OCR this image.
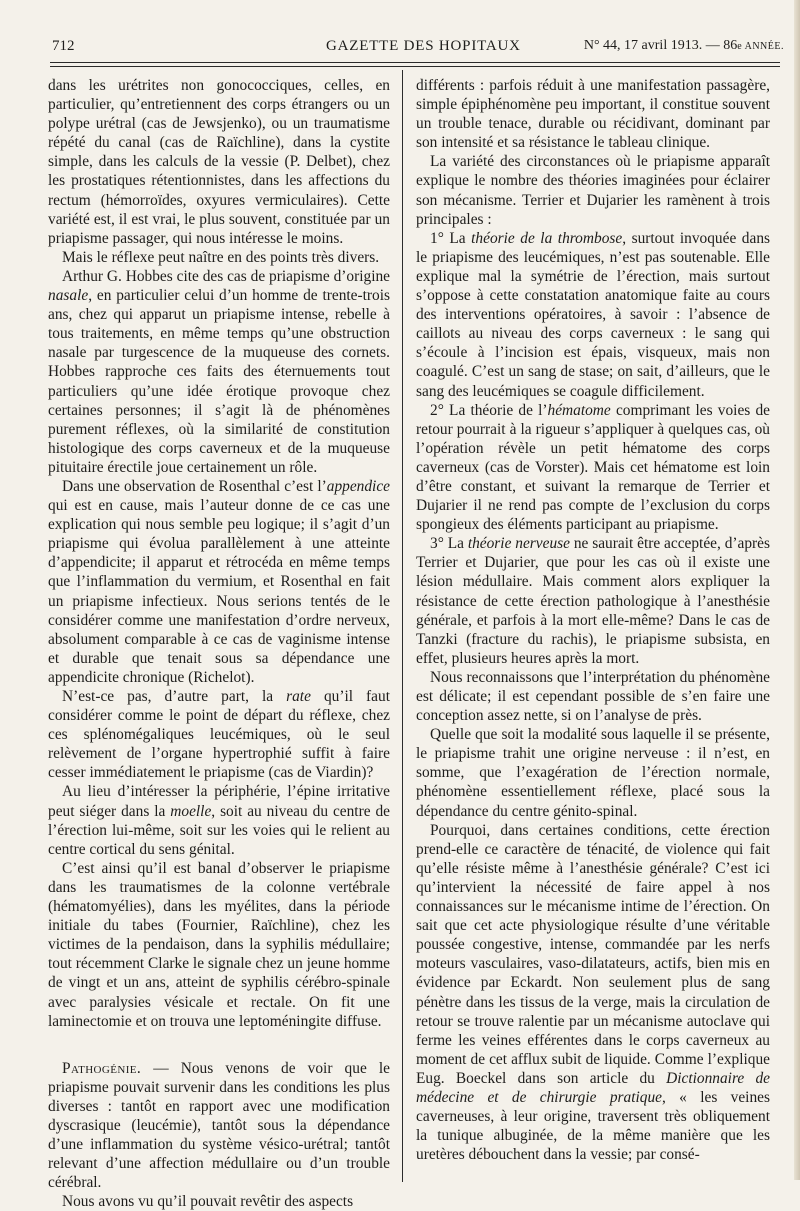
712	GAZETTE DES HOPITAUX	N° 44, 17 avril 1913. — 86e ANNÉE.

dans les urétrites non gonococciques, celles, en particulier, qu’entretiennent des corps étrangers ou un polype urétral (cas de Jewsjenko), ou un traumatisme répété du canal (cas de Raïchline), dans la cystite simple, dans les calculs de la vessie (P. Delbet), chez les prostatiques rétentionnistes, dans les affections du rectum (hémorroïdes, oxyures vermiculaires). Cette variété est, il est vrai, le plus souvent, constituée par un priapisme passager, qui nous intéresse le moins.

Mais le réflexe peut naître en des points très divers.

Arthur G. Hobbes cite des cas de priapisme d’origine nasale, en particulier celui d’un homme de trente-trois ans, chez qui apparut un priapisme intense, rebelle à tous traitements, en même temps qu’une obstruction nasale par turgescence de la muqueuse des cornets. Hobbes rapproche ces faits des éternuements tout particuliers qu’une idée érotique provoque chez certaines personnes; il s’agit là de phénomènes purement réflexes, où la similarité de constitution histologique des corps caverneux et de la muqueuse pituitaire érectile joue certainement un rôle.

Dans une observation de Rosenthal c’est l’appendice qui est en cause, mais l’auteur donne de ce cas une explication qui nous semble peu logique; il s’agit d’un priapisme qui évolua parallèlement à une atteinte d’appendicite; il apparut et rétrocéda en même temps que l’inflammation du vermium, et Rosenthal en fait un priapisme infectieux. Nous serions tentés de le considérer comme une manifestation d’ordre nerveux, absolument comparable à ce cas de vaginisme intense et durable que tenait sous sa dépendance une appendicite chronique (Richelot).

N’est-ce pas, d’autre part, la rate qu’il faut considérer comme le point de départ du réflexe, chez ces splénomégaliques leucémiques, où le seul relèvement de l’organe hypertrophié suffit à faire cesser immédiatement le priapisme (cas de Viardin)?

Au lieu d’intéresser la périphérie, l’épine irritative peut siéger dans la moelle, soit au niveau du centre de l’érection lui-même, soit sur les voies qui le relient au centre cortical du sens génital.

C’est ainsi qu’il est banal d’observer le priapisme dans les traumatismes de la colonne vertébrale (hématomyélies), dans les myélites, dans la période initiale du tabes (Fournier, Raïchline), chez les victimes de la pendaison, dans la syphilis médullaire; tout récemment Clarke le signale chez un jeune homme de vingt et un ans, atteint de syphilis cérébro-spinale avec paralysies vésicale et rectale. On fit une laminectomie et on trouva une leptoméningite diffuse.

Pathogénie. — Nous venons de voir que le priapisme pouvait survenir dans les conditions les plus diverses : tantôt en rapport avec une modification dyscrasique (leucémie), tantôt sous la dépendance d’une inflammation du système vésico-urétral; tantôt relevant d’une affection médullaire ou d’un trouble cérébral.

Nous avons vu qu’il pouvait revêtir des aspects

différents : parfois réduit à une manifestation passagère, simple épiphénomène peu important, il constitue souvent un trouble tenace, durable ou récidivant, dominant par son intensité et sa résistance le tableau clinique.

La variété des circonstances où le priapisme apparaît explique le nombre des théories imaginées pour éclairer son mécanisme. Terrier et Dujarier les ramènent à trois principales :

1° La théorie de la thrombose, surtout invoquée dans le priapisme des leucémiques, n’est pas soutenable. Elle explique mal la symétrie de l’érection, mais surtout s’oppose à cette constatation anatomique faite au cours des interventions opératoires, à savoir : l’absence de caillots au niveau des corps caverneux : le sang qui s’écoule à l’incision est épais, visqueux, mais non coagulé. C’est un sang de stase; on sait, d’ailleurs, que le sang des leucémiques se coagule difficilement.

2° La théorie de l’hématome comprimant les voies de retour pourrait à la rigueur s’appliquer à quelques cas, où l’opération révèle un petit hématome des corps caverneux (cas de Vorster). Mais cet hématome est loin d’être constant, et suivant la remarque de Terrier et Dujarier il ne rend pas compte de l’exclusion du corps spongieux des éléments participant au priapisme.

3° La théorie nerveuse ne saurait être acceptée, d’après Terrier et Dujarier, que pour les cas où il existe une lésion médullaire. Mais comment alors expliquer la résistance de cette érection pathologique à l’anesthésie générale, et parfois à la mort elle-même? Dans le cas de Tanzki (fracture du rachis), le priapisme subsista, en effet, plusieurs heures après la mort.

Nous reconnaissons que l’interprétation du phénomène est délicate; il est cependant possible de s’en faire une conception assez nette, si on l’analyse de près.

Quelle que soit la modalité sous laquelle il se présente, le priapisme trahit une origine nerveuse : il n’est, en somme, que l’exagération de l’érection normale, phénomène essentiellement réflexe, placé sous la dépendance du centre génito-spinal.

Pourquoi, dans certaines conditions, cette érection prend-elle ce caractère de ténacité, de violence qui fait qu’elle résiste même à l’anesthésie générale? C’est ici qu’intervient la nécessité de faire appel à nos connaissances sur le mécanisme intime de l’érection. On sait que cet acte physiologique résulte d’une véritable poussée congestive, intense, commandée par les nerfs moteurs vasculaires, vaso-dilatateurs, actifs, bien mis en évidence par Eckardt. Non seulement plus de sang pénètre dans les tissus de la verge, mais la circulation de retour se trouve ralentie par un mécanisme autoclave qui ferme les veines efférentes dans le corps caverneux au moment de cet afflux subit de liquide. Comme l’explique Eug. Boeckel dans son article du Dictionnaire de médecine et de chirurgie pratique, « les veines caverneuses, à leur origine, traversent très obliquement la tunique albuginée, de la même manière que les uretères débouchent dans la vessie; par consé-
